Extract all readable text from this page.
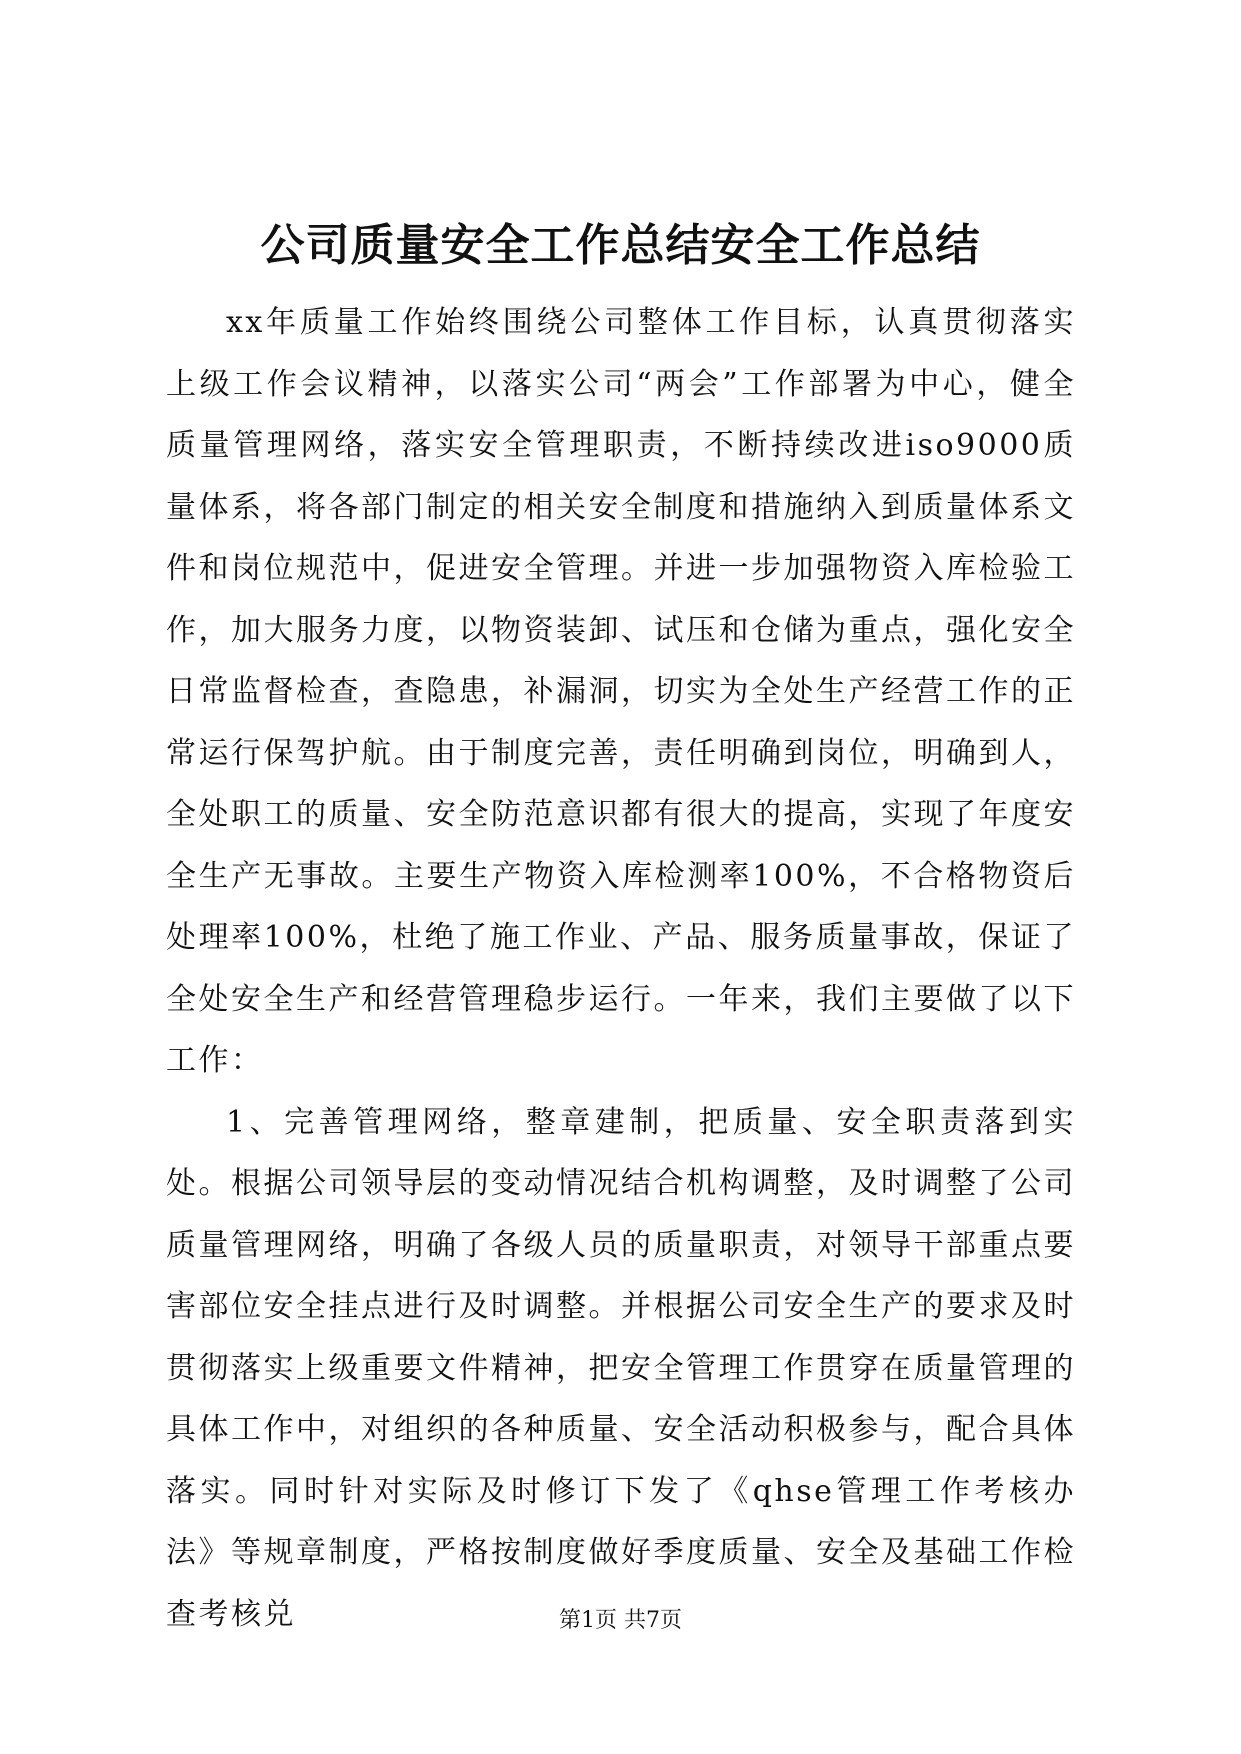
公司质量安全工作总结安全工作总结

xx年质量工作始终围绕公司整体工作目标，认真贯彻落实上级工作会议精神，以落实公司“两会”工作部署为中心，健全质量管理网络，落实安全管理职责，不断持续改进iso9000质量体系，将各部门制定的相关安全制度和措施纳入到质量体系文件和岗位规范中，促进安全管理。并进一步加强物资入库检验工作，加大服务力度，以物资装卸、试压和仓储为重点，强化安全日常监督检查，查隐患，补漏洞，切实为全处生产经营工作的正常运行保驾护航。由于制度完善，责任明确到岗位，明确到人，全处职工的质量、安全防范意识都有很大的提高，实现了年度安全生产无事故。主要生产物资入库检测率100%，不合格物资后处理率100%，杜绝了施工作业、产品、服务质量事故，保证了全处安全生产和经营管理稳步运行。一年来，我们主要做了以下工作：

1、完善管理网络，整章建制，把质量、安全职责落到实处。根据公司领导层的变动情况结合机构调整，及时调整了公司质量管理网络，明确了各级人员的质量职责，对领导干部重点要害部位安全挂点进行及时调整。并根据公司安全生产的要求及时贯彻落实上级重要文件精神，把安全管理工作贯穿在质量管理的具体工作中，对组织的各种质量、安全活动积极参与，配合具体落实。同时针对实际及时修订下发了《qhse管理工作考核办法》等规章制度，严格按制度做好季度质量、安全及基础工作检查考核兑	第1页 共7页
